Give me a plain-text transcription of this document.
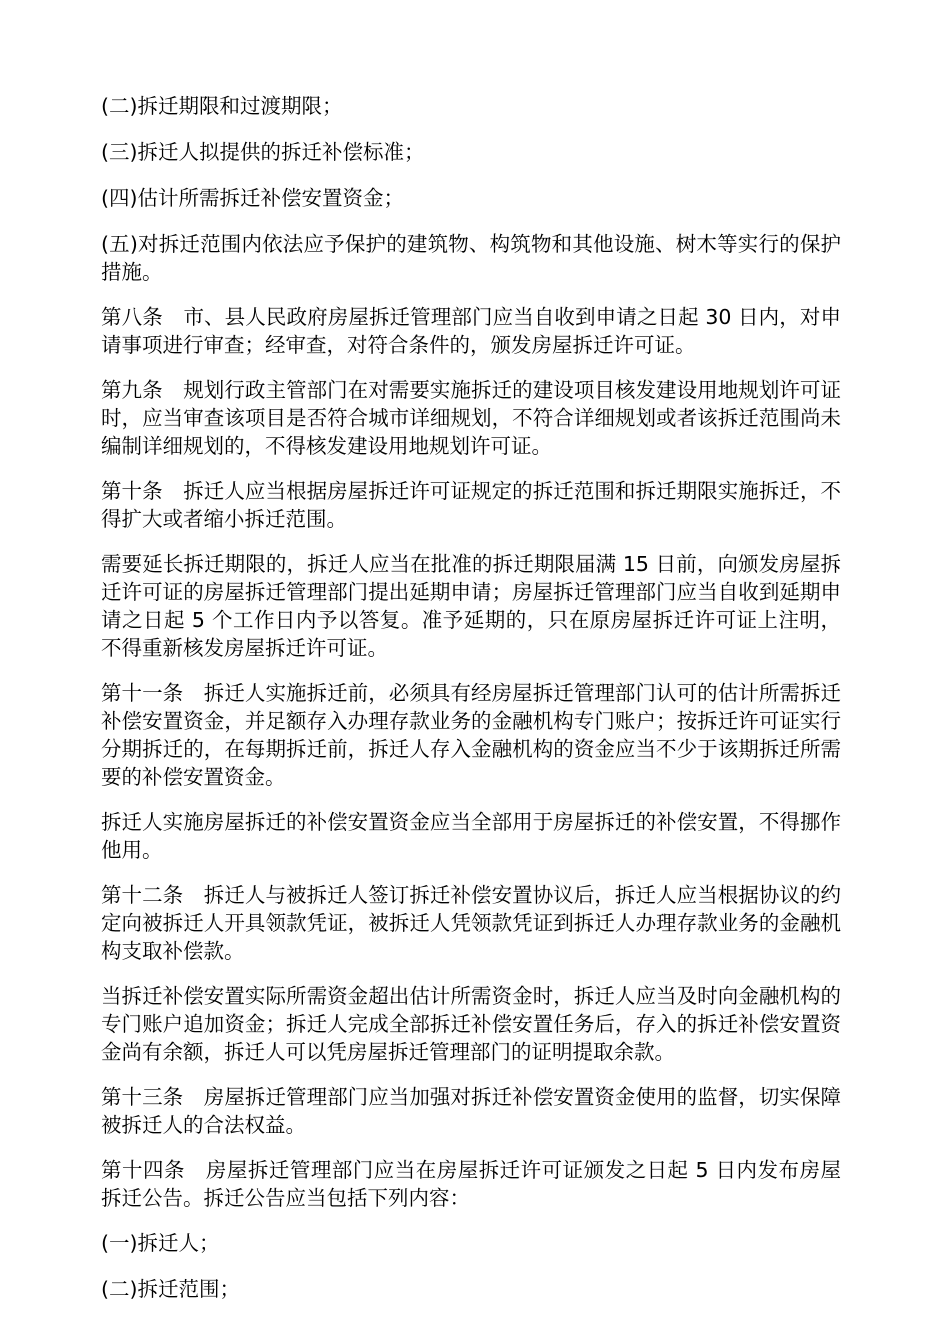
(二)拆迁期限和过渡期限；

(三)拆迁人拟提供的拆迁补偿标准；

(四)估计所需拆迁补偿安置资金；

(五)对拆迁范围内依法应予保护的建筑物、构筑物和其他设施、树木等实行的保护措施。

第八条　市、县人民政府房屋拆迁管理部门应当自收到申请之日起 30 日内，对申请事项进行审查；经审查，对符合条件的，颁发房屋拆迁许可证。

第九条　规划行政主管部门在对需要实施拆迁的建设项目核发建设用地规划许可证时，应当审查该项目是否符合城市详细规划，不符合详细规划或者该拆迁范围尚未编制详细规划的，不得核发建设用地规划许可证。

第十条　拆迁人应当根据房屋拆迁许可证规定的拆迁范围和拆迁期限实施拆迁，不得扩大或者缩小拆迁范围。

需要延长拆迁期限的，拆迁人应当在批准的拆迁期限届满 15 日前，向颁发房屋拆迁许可证的房屋拆迁管理部门提出延期申请；房屋拆迁管理部门应当自收到延期申请之日起 5 个工作日内予以答复。准予延期的，只在原房屋拆迁许可证上注明，不得重新核发房屋拆迁许可证。

第十一条　拆迁人实施拆迁前，必须具有经房屋拆迁管理部门认可的估计所需拆迁补偿安置资金，并足额存入办理存款业务的金融机构专门账户；按拆迁许可证实行分期拆迁的，在每期拆迁前，拆迁人存入金融机构的资金应当不少于该期拆迁所需要的补偿安置资金。

拆迁人实施房屋拆迁的补偿安置资金应当全部用于房屋拆迁的补偿安置，不得挪作他用。

第十二条　拆迁人与被拆迁人签订拆迁补偿安置协议后，拆迁人应当根据协议的约定向被拆迁人开具领款凭证，被拆迁人凭领款凭证到拆迁人办理存款业务的金融机构支取补偿款。

当拆迁补偿安置实际所需资金超出估计所需资金时，拆迁人应当及时向金融机构的专门账户追加资金；拆迁人完成全部拆迁补偿安置任务后，存入的拆迁补偿安置资金尚有余额，拆迁人可以凭房屋拆迁管理部门的证明提取余款。

第十三条　房屋拆迁管理部门应当加强对拆迁补偿安置资金使用的监督，切实保障被拆迁人的合法权益。

第十四条　房屋拆迁管理部门应当在房屋拆迁许可证颁发之日起 5 日内发布房屋拆迁公告。拆迁公告应当包括下列内容：

(一)拆迁人；

(二)拆迁范围；
